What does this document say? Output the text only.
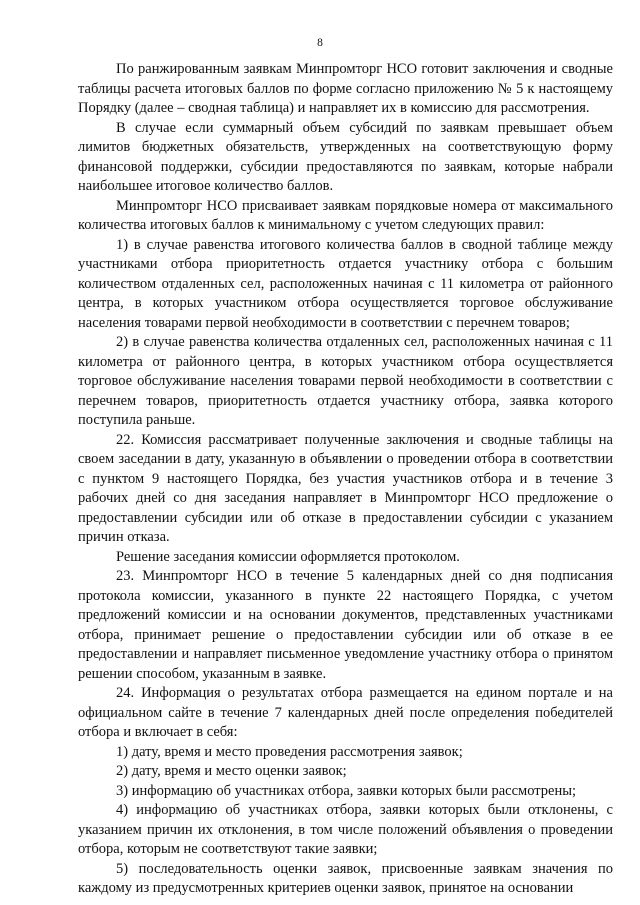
8

По ранжированным заявкам Минпромторг НСО готовит заключения и сводные таблицы расчета итоговых баллов по форме согласно приложению № 5 к настоящему Порядку (далее – сводная таблица) и направляет их в комиссию для рассмотрения.

В случае если суммарный объем субсидий по заявкам превышает объем лимитов бюджетных обязательств, утвержденных на соответствующую форму финансовой поддержки, субсидии предоставляются по заявкам, которые набрали наибольшее итоговое количество баллов.

Минпромторг НСО присваивает заявкам порядковые номера от максимального количества итоговых баллов к минимальному с учетом следующих правил:

1) в случае равенства итогового количества баллов в сводной таблице между участниками отбора приоритетность отдается участнику отбора с большим количеством отдаленных сел, расположенных начиная с 11 километра от районного центра, в которых участником отбора осуществляется торговое обслуживание населения товарами первой необходимости в соответствии с перечнем товаров;

2) в случае равенства количества отдаленных сел, расположенных начиная с 11 километра от районного центра, в которых участником отбора осуществляется торговое обслуживание населения товарами первой необходимости в соответствии с перечнем товаров, приоритетность отдается участнику отбора, заявка которого поступила раньше.

22. Комиссия рассматривает полученные заключения и сводные таблицы на своем заседании в дату, указанную в объявлении о проведении отбора в соответствии с пунктом 9 настоящего Порядка, без участия участников отбора и в течение 3 рабочих дней со дня заседания направляет в Минпромторг НСО предложение о предоставлении субсидии или об отказе в предоставлении субсидии с указанием причин отказа.

Решение заседания комиссии оформляется протоколом.

23. Минпромторг НСО в течение 5 календарных дней со дня подписания протокола комиссии, указанного в пункте 22 настоящего Порядка, с учетом предложений комиссии и на основании документов, представленных участниками отбора, принимает решение о предоставлении субсидии или об отказе в ее предоставлении и направляет письменное уведомление участнику отбора о принятом решении способом, указанным в заявке.

24. Информация о результатах отбора размещается на едином портале и на официальном сайте в течение 7 календарных дней после определения победителей отбора и включает в себя:

1) дату, время и место проведения рассмотрения заявок;

2) дату, время и место оценки заявок;

3) информацию об участниках отбора, заявки которых были рассмотрены;

4) информацию об участниках отбора, заявки которых были отклонены, с указанием причин их отклонения, в том числе положений объявления о проведении отбора, которым не соответствуют такие заявки;

5) последовательность оценки заявок, присвоенные заявкам значения по каждому из предусмотренных критериев оценки заявок, принятое на основании
